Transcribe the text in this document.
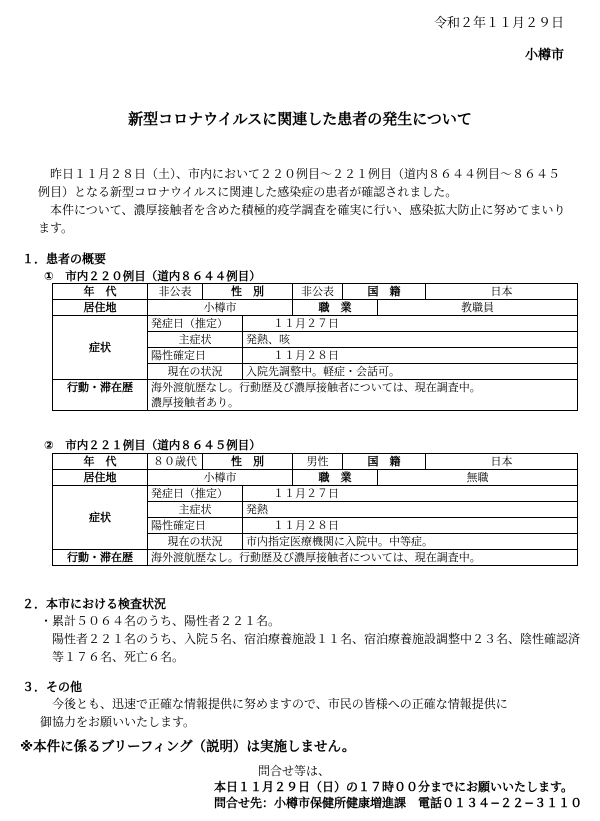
令和２年１１月２９日
小樽市
新型コロナウイルスに関連した患者の発生について

昨日１１月２８日（土）、市内において２２０例目～２２１例目（道内８６４４例目～８６４５例目）となる新型コロナウイルスに関連した感染症の患者が確認されました。

本件について、濃厚接触者を含めた積極的疫学調査を確実に行い、感染拡大防止に努めてまいります。

１．患者の概要
①　市内２２０例目（道内８６４４例目）
年　代	非公表	性　別		非公表	国　籍		日本
居住地	小樽市			職　業		教職員	
症状	発症日（推定）		１１月２７日				
	主症状		発熱、咳				
	陽性確定日		１１月２８日				
	現在の状況		入院先調整中。軽症・会話可。				
行動・滞在歴	海外渡航歴なし。行動歴及び濃厚接触者については、現在調査中。
濃厚接触者あり。						
②　市内２２１例目（道内８６４５例目）
年　代	８０歳代	性　別		男性	国　籍		日本
居住地	小樽市			職　業		無職	
症状	発症日（推定）		１１月２７日				
	主症状		発熱				
	陽性確定日		１１月２８日				
	現在の状況		市内指定医療機関に入院中。中等症。				
行動・滞在歴	海外渡航歴なし。行動歴及び濃厚接触者については、現在調査中。						
２．本市における検査状況
・累計５０６４名のうち、陽性者２２１名。
陽性者２２１名のうち、入院５名、宿泊療養施設１１名、宿泊療養施設調整中２３名、陰性確認済
等１７６名、死亡６名。
３．その他
今後とも、迅速で正確な情報提供に努めますので、市民の皆様への正確な情報提供に
御協力をお願いいたします。
※本件に係るブリーフィング（説明）は実施しません。
問合せ等は、
本日１１月２９日（日）の１７時００分までにお願いいたします。
問合せ先：小樽市保健所健康増進課　電話０１３４−２２−３１１０
